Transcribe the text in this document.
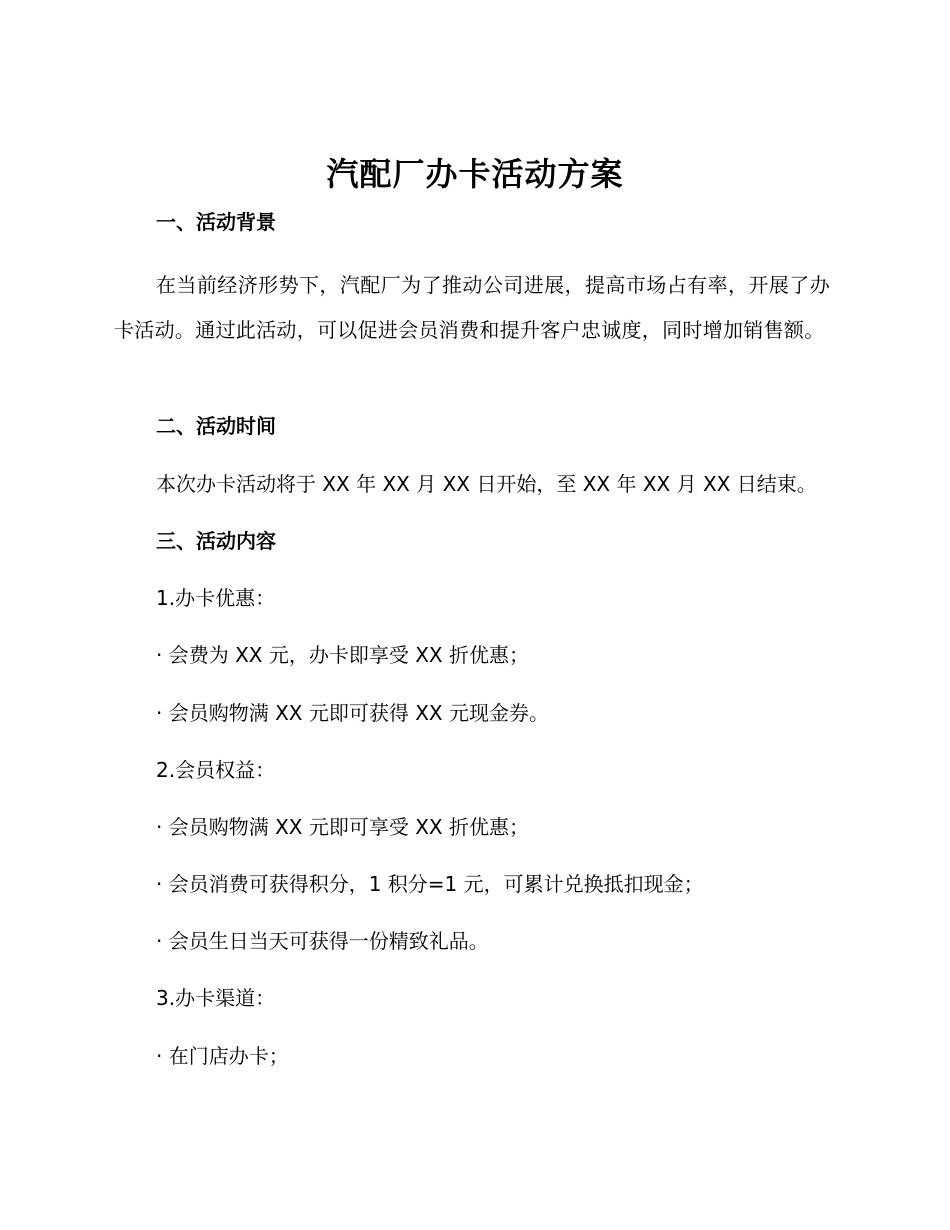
汽配厂办卡活动方案
一、活动背景
在当前经济形势下，汽配厂为了推动公司进展，提高市场占有率，开展了办卡活动。通过此活动，可以促进会员消费和提升客户忠诚度，同时增加销售额。
二、活动时间
本次办卡活动将于 XX 年 XX 月 XX 日开始，至 XX 年 XX 月 XX 日结束。
三、活动内容
1.办卡优惠：
· 会费为 XX 元，办卡即享受 XX 折优惠；
· 会员购物满 XX 元即可获得 XX 元现金券。
2.会员权益：
· 会员购物满 XX 元即可享受 XX 折优惠；
· 会员消费可获得积分，1 积分=1 元，可累计兑换抵扣现金；
· 会员生日当天可获得一份精致礼品。
3.办卡渠道：
· 在门店办卡；
